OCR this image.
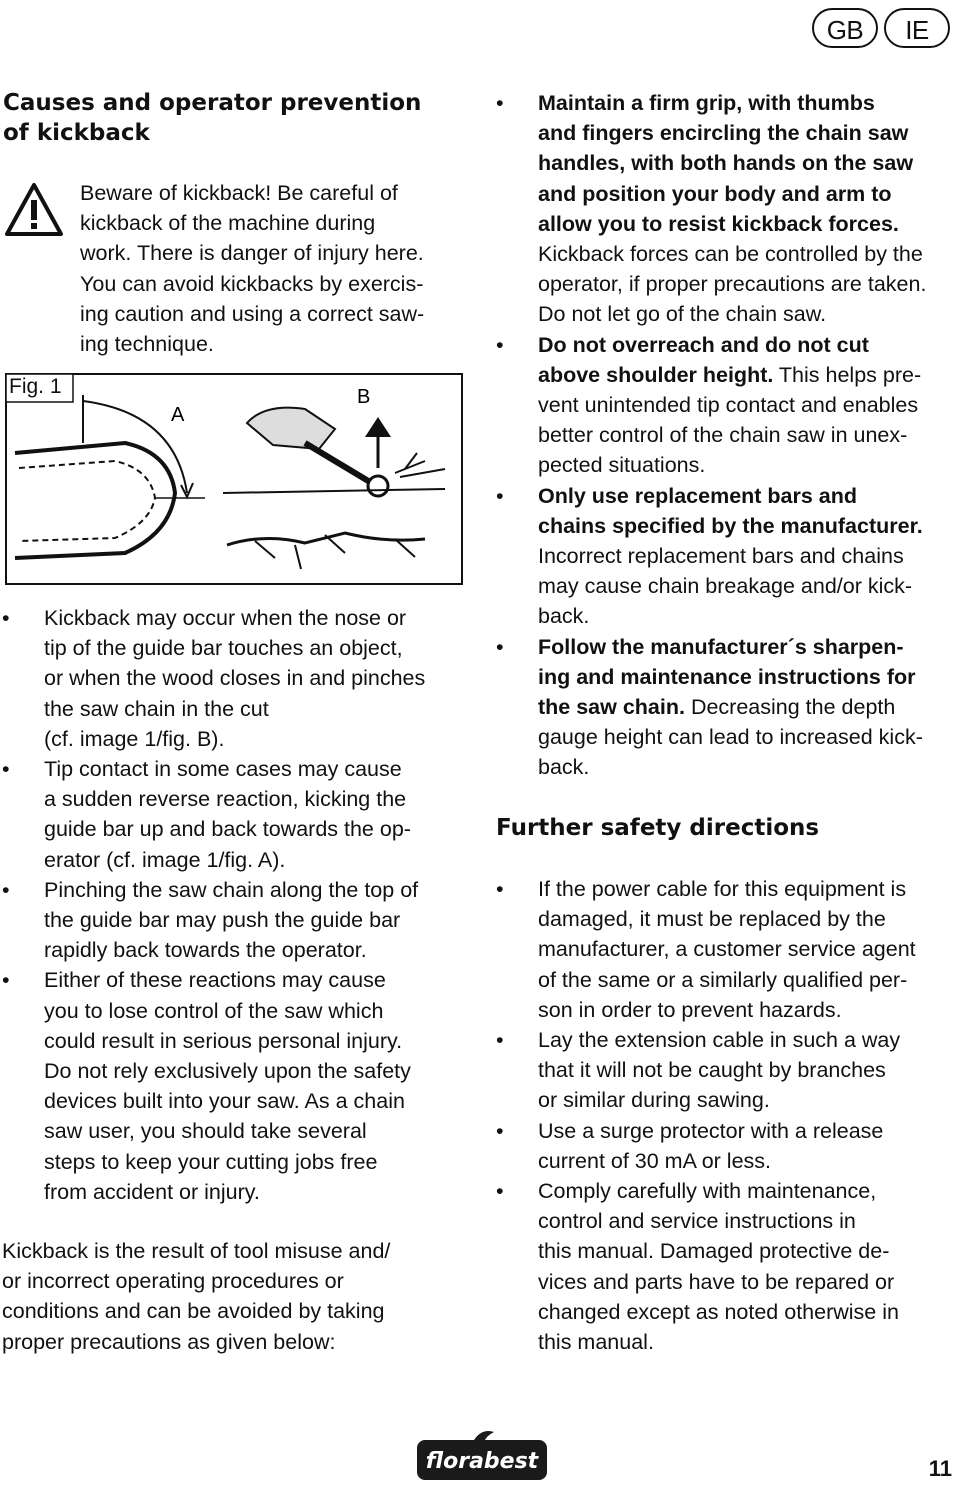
GB	IE
Causes and operator prevention
of kickback
Beware of kickback! Be careful of
kickback of the machine during
work. There is danger of injury here.
You can avoid kickbacks by exercis-
ing caution and using a correct saw-
ing technique.
A
B
Fig. 1
• Kickback may occur when the nose or
tip of the guide bar touches an object,
or when the wood closes in and pinches
the saw chain in the cut
(cf. image 1/fig. B).
• Tip contact in some cases may cause
a sudden reverse reaction, kicking the
guide bar up and back towards the op-
erator (cf. image 1/fig. A).
• Pinching the saw chain along the top of
the guide bar may push the guide bar
rapidly back towards the operator.
• Either of these reactions may cause
you to lose control of the saw which
could result in serious personal injury.
Do not rely exclusively upon the safety
devices built into your saw. As a chain
saw user, you should take several
steps to keep your cutting jobs free
from accident or injury.
Kickback is the result of tool misuse and/
or incorrect operating procedures or
conditions and can be avoided by taking
proper precautions as given below:
• Maintain a firm grip, with thumbs
and fingers encircling the chain saw
handles, with both hands on the saw
and position your body and arm to
allow you to resist kickback forces.
Kickback forces can be controlled by the
operator, if proper precautions are taken.
Do not let go of the chain saw.
• Do not overreach and do not cut
above shoulder height. This helps pre-
vent unintended tip contact and enables
better control of the chain saw in unex-
pected situations.
• Only use replacement bars and
chains specified by the manufacturer.
Incorrect replacement bars and chains
may cause chain breakage and/or kick-
back.
• Follow the manufacturer´s sharpen-
ing and maintenance instructions for
the saw chain. Decreasing the depth
gauge height can lead to increased kick-
back.
Further safety directions
• If the power cable for this equipment is
damaged, it must be replaced by the
manufacturer, a customer service agent
of the same or a similarly qualified per-
son in order to prevent hazards.
• Lay the extension cable in such a way
that it will not be caught by branches
or similar during sawing.
• Use a surge protector with a release
current of 30 mA or less.
• Comply carefully with maintenance,
control and service instructions in
this manual. Damaged protective de-
vices and parts have to be repared or
changed except as noted otherwise in
this manual.
florabest	11
